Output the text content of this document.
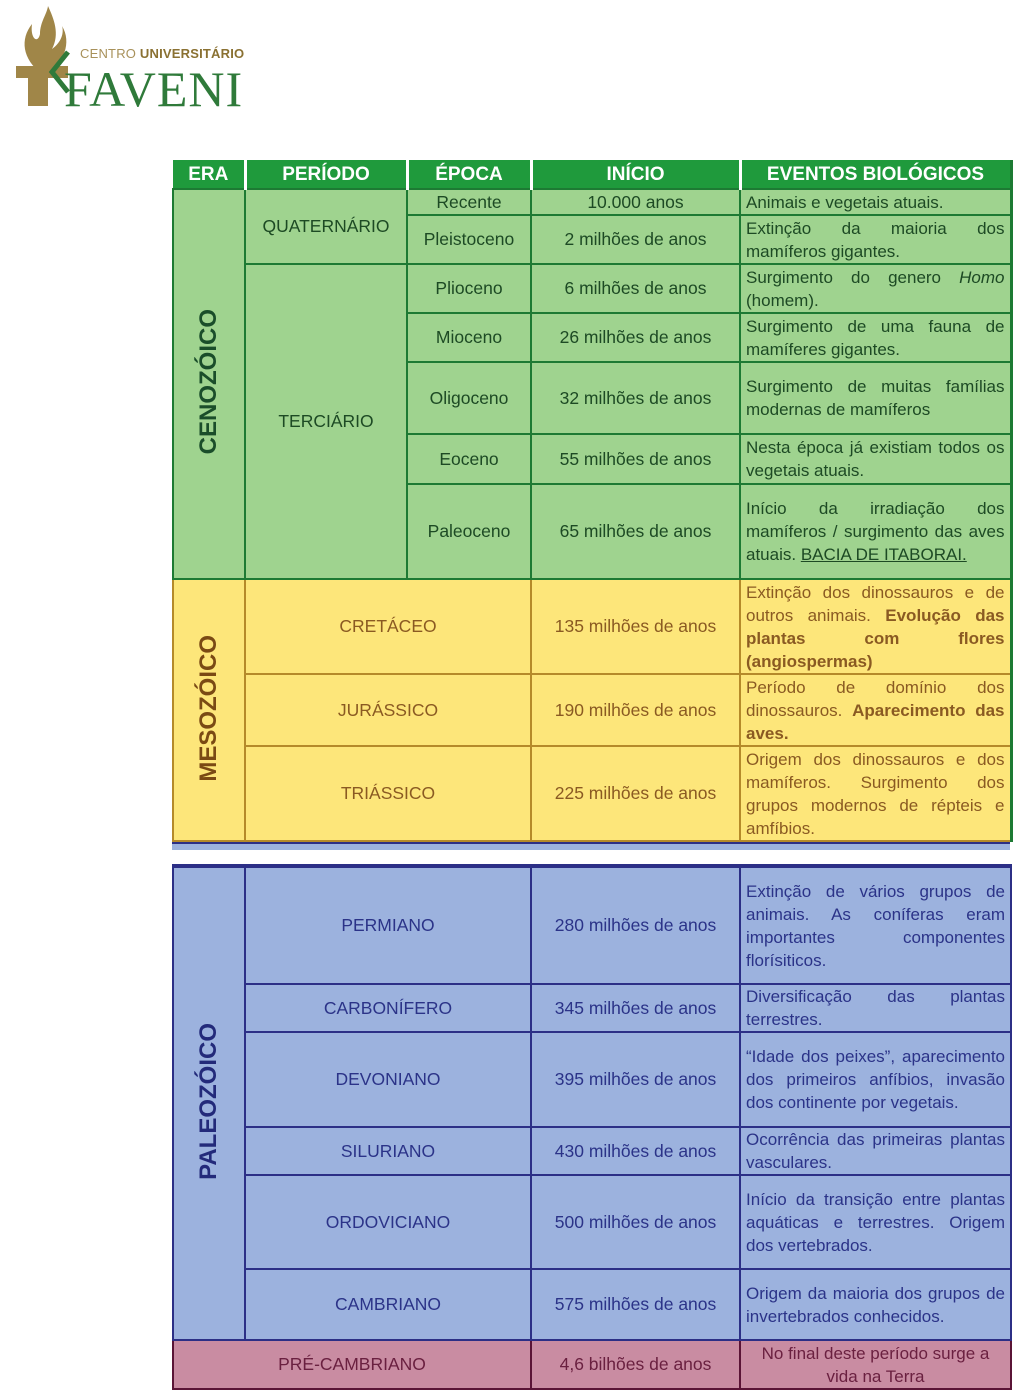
CENTRO UNIVERSITÁRIO
FAVENI
ERA	PERÍODO	ÉPOCA	INÍCIO	EVENTOS BIOLÓGICOS
CENOZÓICO	QUATERNÁRIO	Recente	10.000 anos	Animais e vegetais atuais.
		Pleistoceno	2 milhões de anos	Extinção da maioria dos mamíferos gigantes.
	TERCIÁRIO	Plioceno	6 milhões de anos	Surgimento do genero Homo (homem).
		Mioceno	26 milhões de anos	Surgimento de uma fauna de mamíferes gigantes.
		Oligoceno	32 milhões de anos	Surgimento de muitas famílias modernas de mamíferos
		Eoceno	55 milhões de anos	Nesta época já existiam todos os vegetais atuais.
		Paleoceno	65 milhões de anos	Início da irradiação dos mamíferos / surgimento das aves atuais. BACIA DE ITABORAI.
MESOZÓICO	CRETÁCEO		135 milhões de anos	Extinção dos dinossauros e de outros animais. Evolução das plantas com flores (angiospermas)
	JURÁSSICO		190 milhões de anos	Período de domínio dos dinossauros. Aparecimento das aves.
	TRIÁSSICO		225 milhões de anos	Origem dos dinossauros e dos mamíferos. Surgimento dos grupos modernos de répteis e amfíbios.
PALEOZÓICO	PERMIANO	280 milhões de anos	Extinção de vários grupos de animais. As coníferas eram importantes componentes florísiticos.
	CARBONÍFERO	345 milhões de anos	Diversificação das plantas terrestres.
	DEVONIANO	395 milhões de anos	“Idade dos peixes”, aparecimento dos primeiros anfíbios, invasão dos continente por vegetais.
	SILURIANO	430 milhões de anos	Ocorrência das primeiras plantas vasculares.
	ORDOVICIANO	500 milhões de anos	Início da transição entre plantas aquáticas e terrestres. Origem dos vertebrados.
	CAMBRIANO	575 milhões de anos	Origem da maioria dos grupos de invertebrados conhecidos.
PRÉ-CAMBRIANO		4,6 bilhões de anos	No final deste período surge a vida na Terra
